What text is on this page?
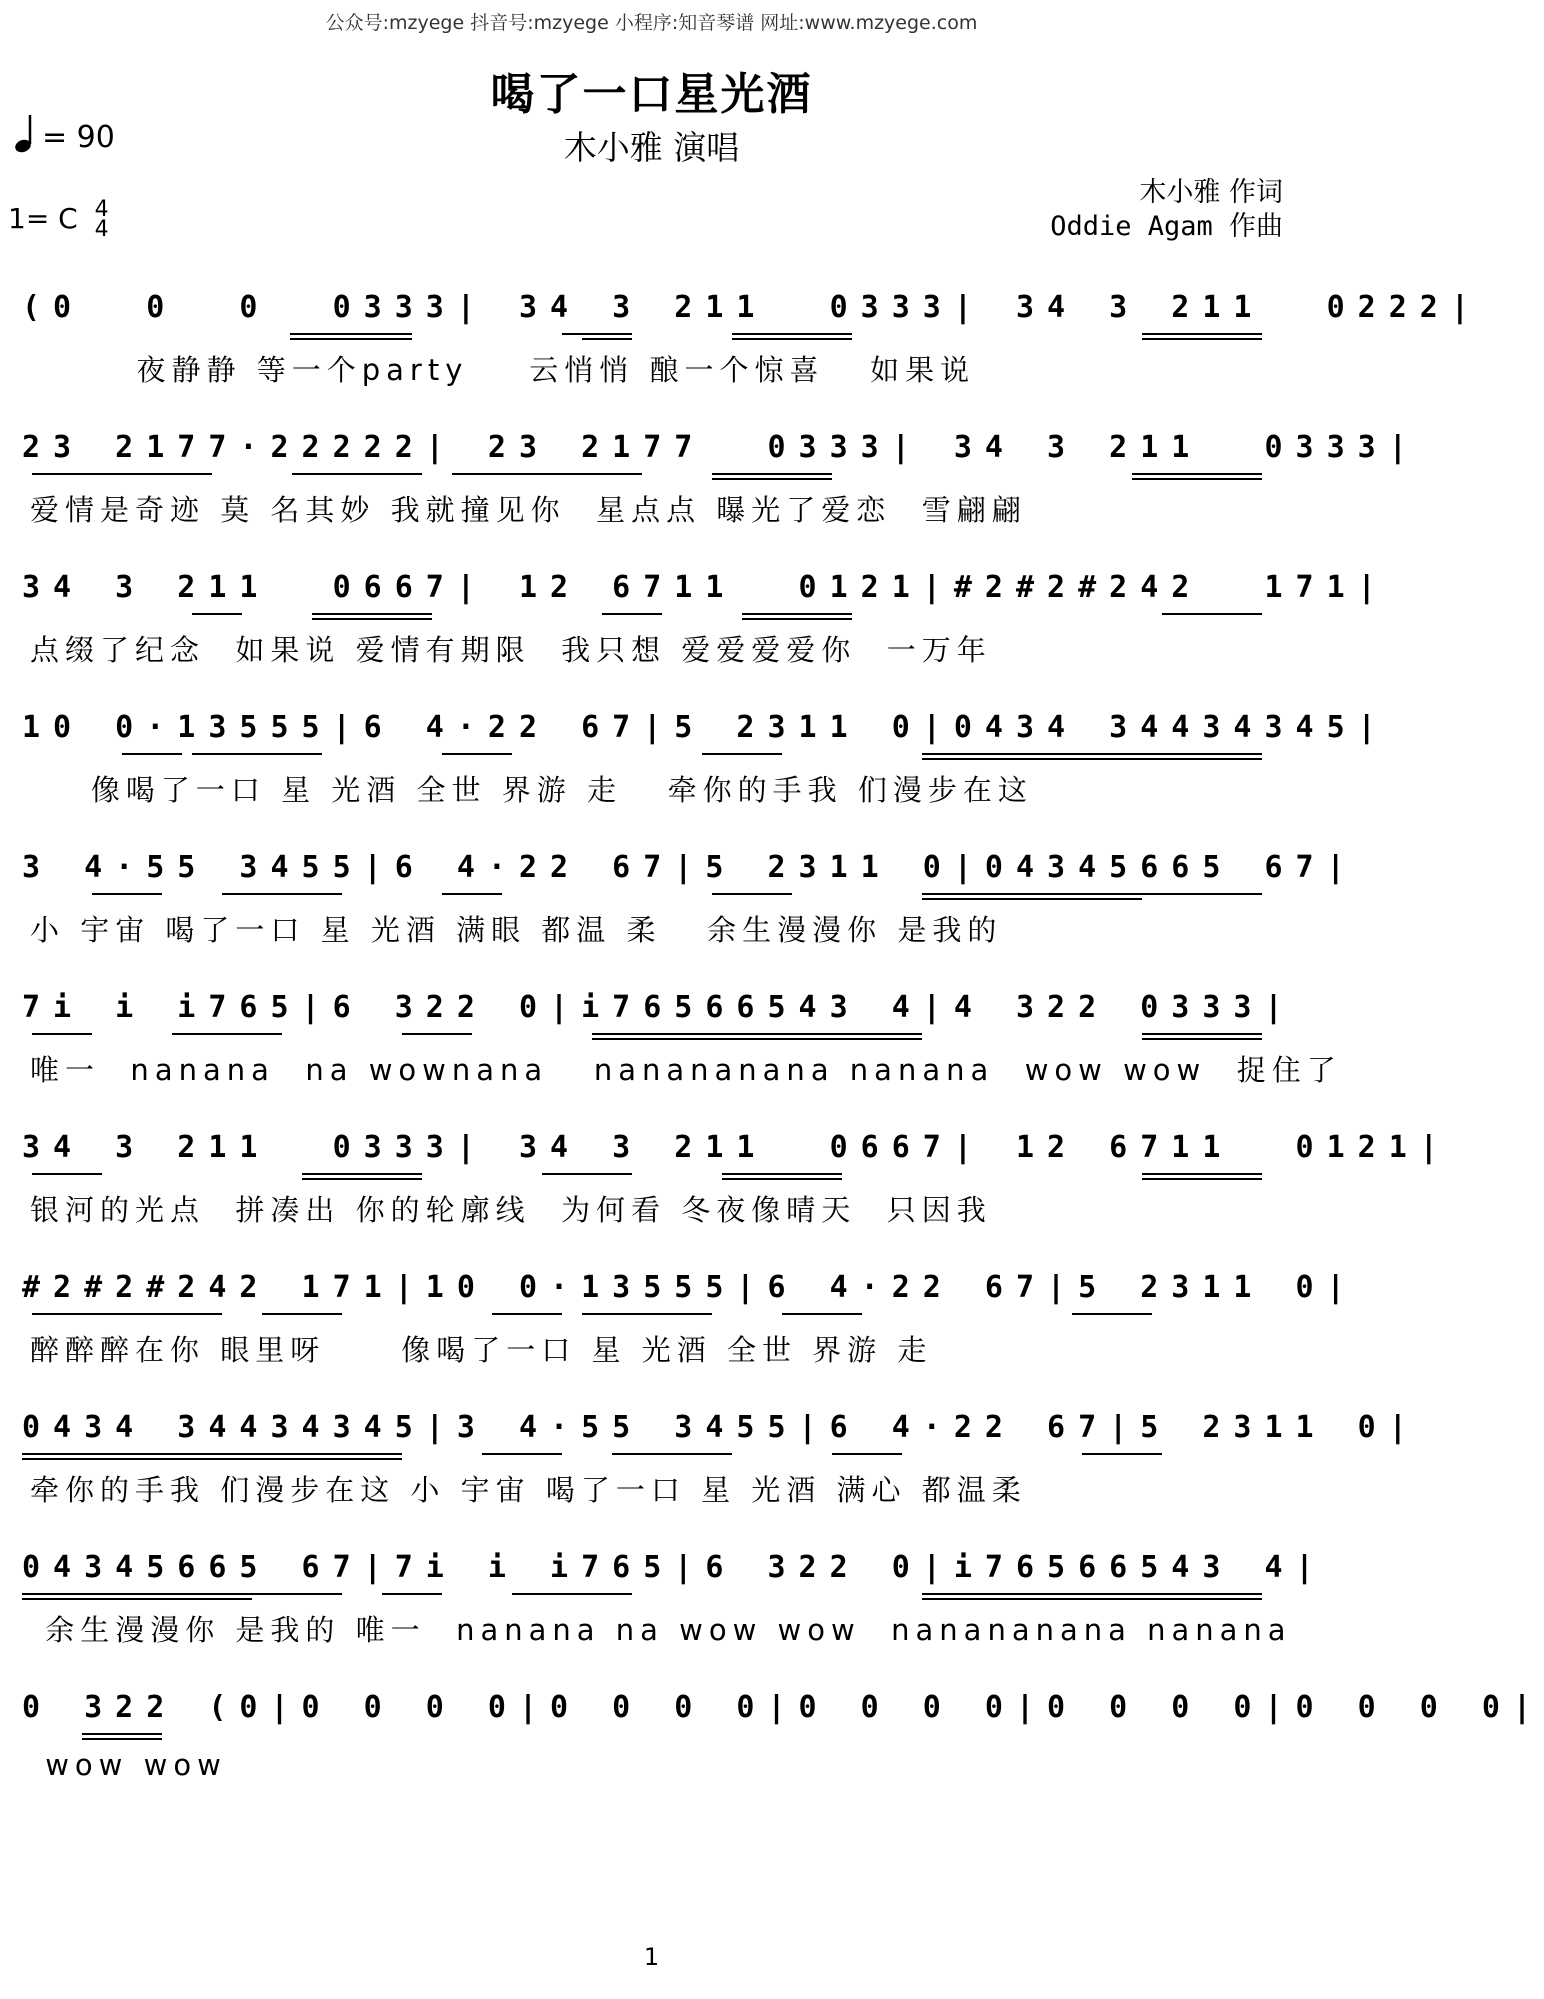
公众号:mzyege 抖音号:mzyege 小程序:知音琴谱 网址:www.mzyege.com
喝了一口星光酒
木小雅 演唱
= 90
1= C 4
4
木小雅 作词
Oddie Agam 作曲
(0  0  0  0333| 34 3 211  0333| 34 3 211  0222|
夜静静 等一个party    云悄悄 酿一个惊喜   如果说
23 2177·22222| 23 2177  0333| 34 3 211  0333|
爱情是奇迹 莫 名其妙 我就撞见你  星点点 曝光了爱恋  雪翩翩
34 3 211  0667| 12 6711  0121|#2#2#242  171|
点缀了纪念  如果说 爱情有期限  我只想 爱爱爱爱你  一万年
10 0·13555|6 4·22 67|5 2311 0|0434 34434345|
像喝了一口 星 光酒 全世 界游 走   牵你的手我 们漫步在这
3 4·55 3455|6 4·22 67|5 2311 0|04345665 67|
小 宇宙 喝了一口 星 光酒 满眼 都温 柔   余生漫漫你 是我的
7i i i765|6 322 0|i76566543 4|4 322 0333|
唯一  nanana  na wownana   nanananana nanana  wow wow  捉住了
34 3 211  0333| 34 3 211  0667| 12 6711  0121|
银河的光点  拼凑出 你的轮廓线  为何看 冬夜像晴天  只因我
#2#2#242 171|10 0·13555|6 4·22 67|5 2311 0|
醉醉醉在你 眼里呀     像喝了一口 星 光酒 全世 界游 走
0434 34434345|3 4·55 3455|6 4·22 67|5 2311 0|
牵你的手我 们漫步在这 小 宇宙 喝了一口 星 光酒 满心 都温柔
04345665 67|7i i i765|6 322 0|i76566543 4|
余生漫漫你 是我的 唯一  nanana na wow wow  nanananana nanana
0 322 (0|0 0 0 0|0 0 0 0|0 0 0 0|0 0 0 0|0 0 0 0|
wow wow
1
